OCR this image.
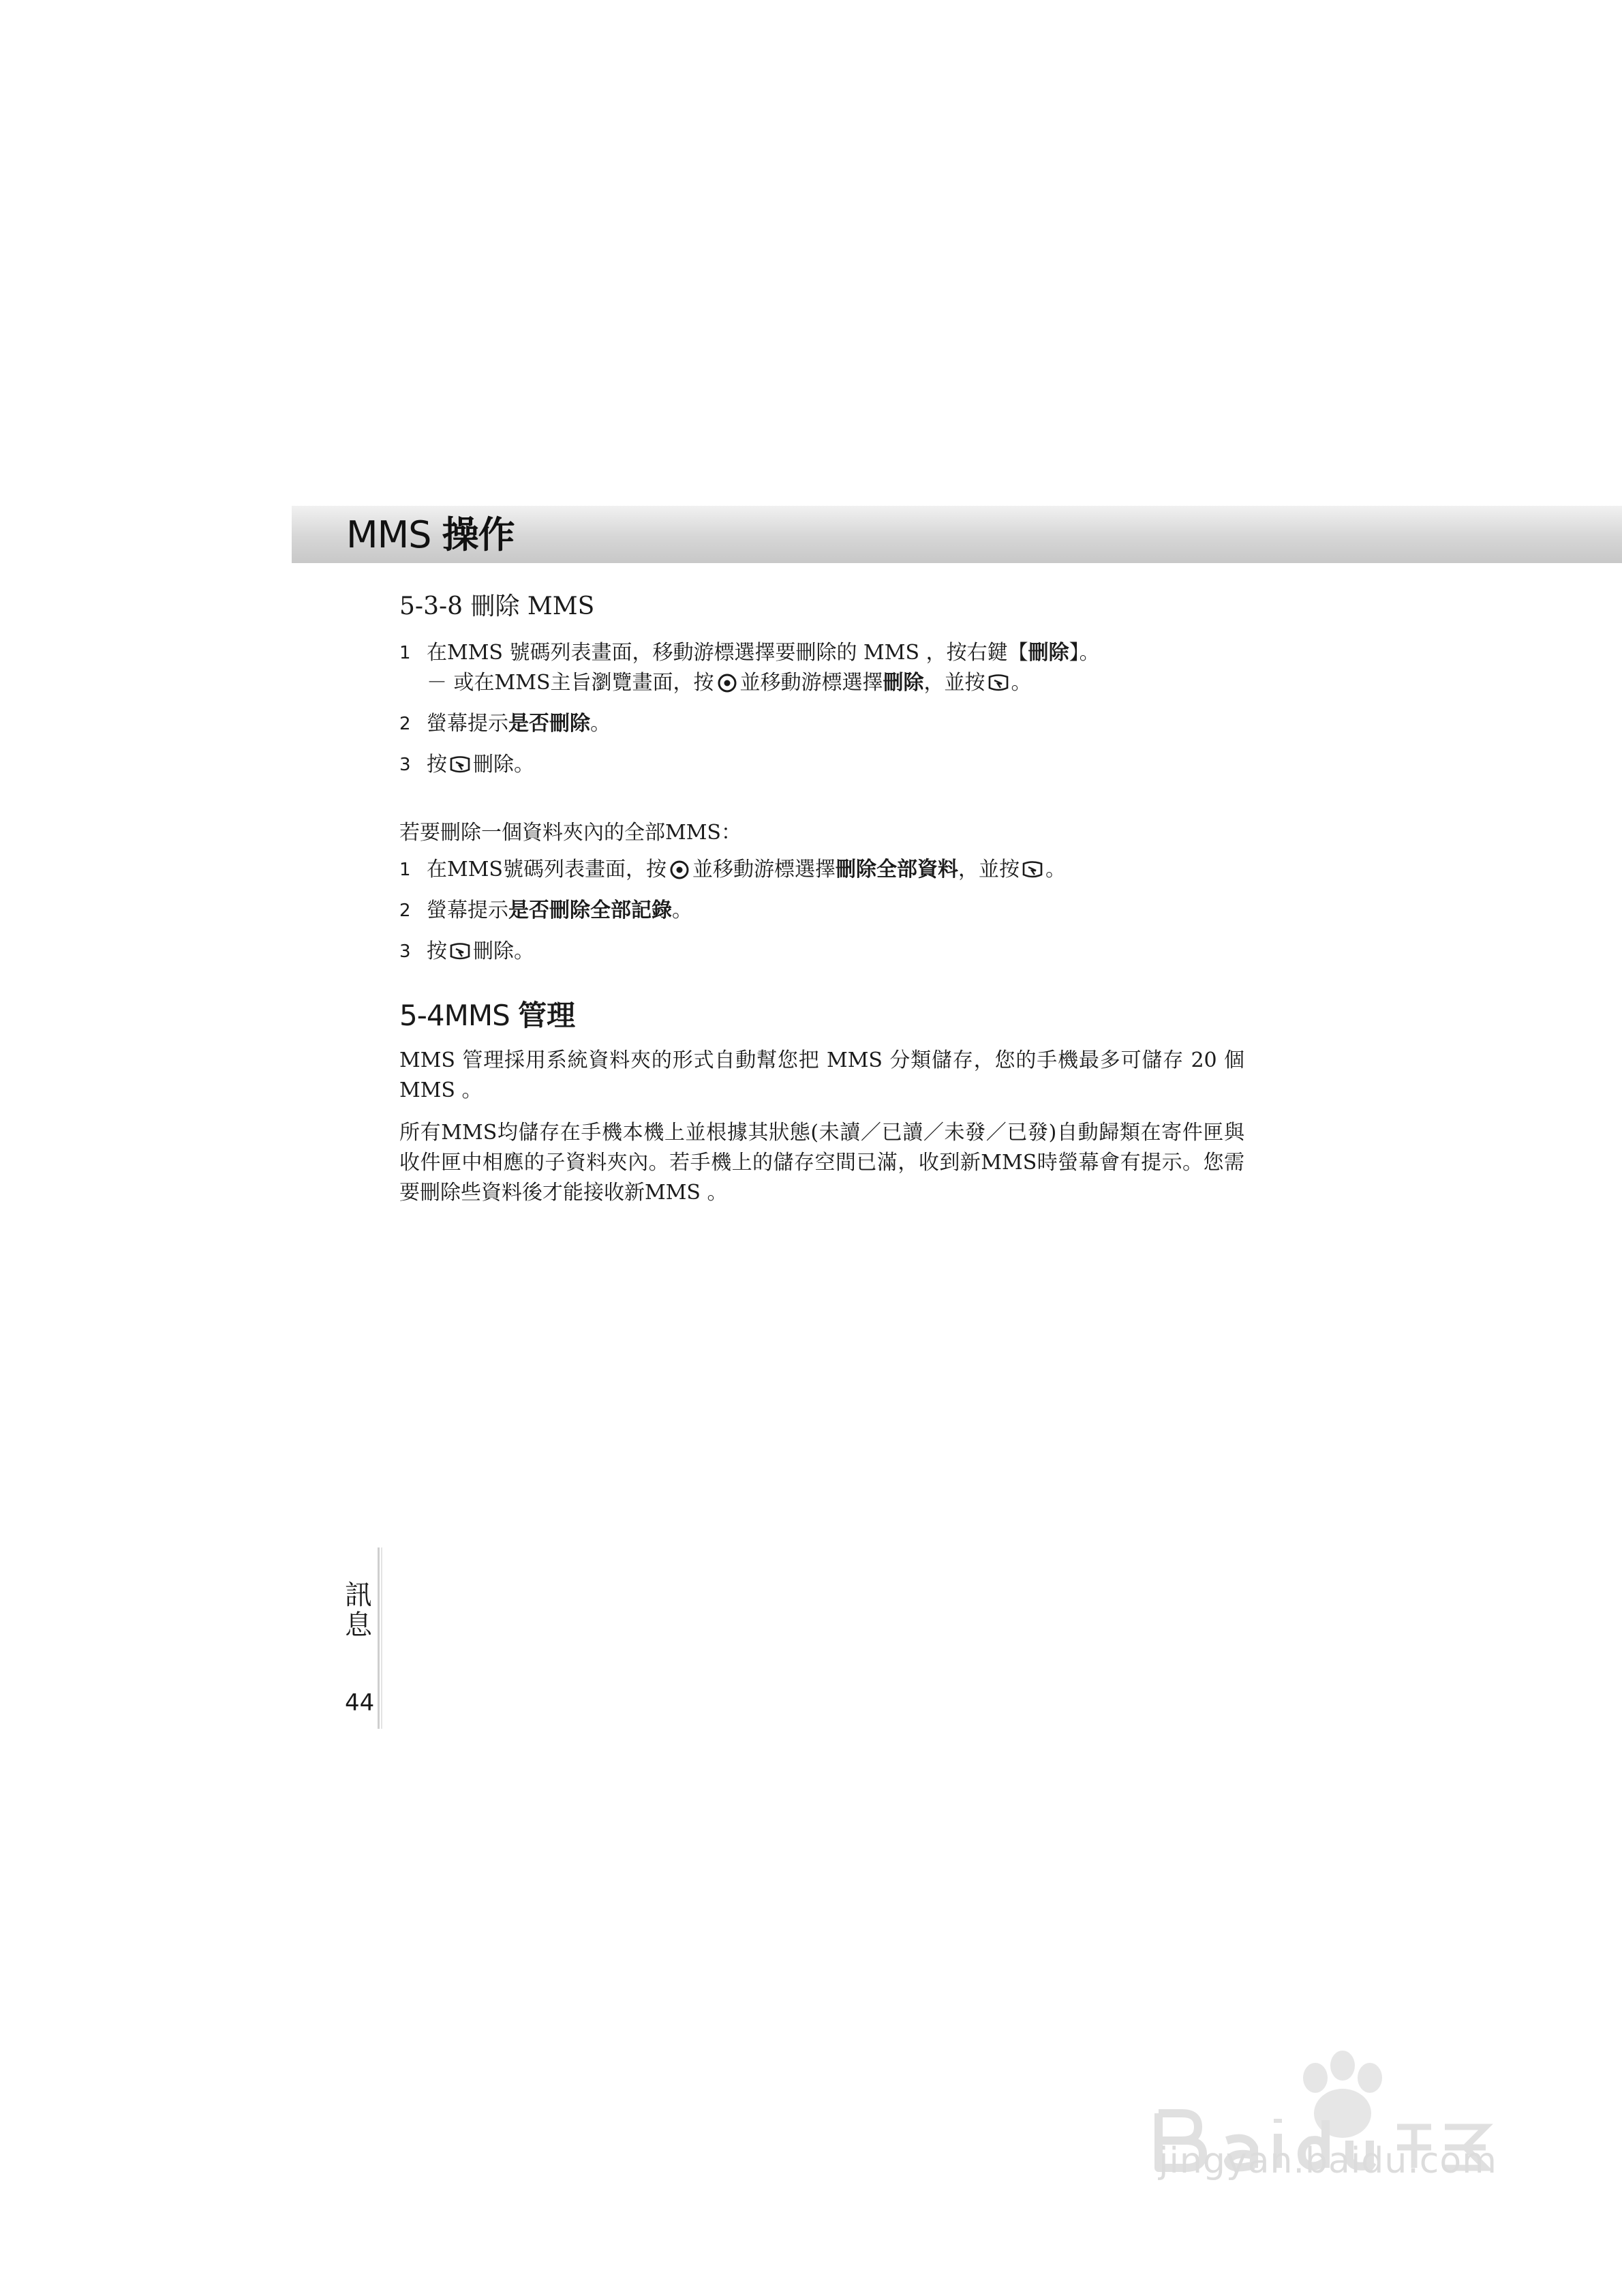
MMS 操作
5-3-8 刪除 MMS
1 在MMS 號碼列表畫面，移動游標選擇要刪除的 MMS ，按右鍵【刪除】。
－ 或在MMS主旨瀏覽畫面，按 並移動游標選擇刪除，並按 。
2 螢幕提示是否刪除。
3 按 刪除。
若要刪除一個資料夾內的全部MMS：
1 在MMS號碼列表畫面，按 並移動游標選擇刪除全部資料，並按 。
2 螢幕提示是否刪除全部記錄。
3 按 刪除。
5-4MMS 管理

MMS 管理採用系統資料夾的形式自動幫您把 MMS 分類儲存，您的手機最多可儲存 20 個 MMS 。

所有MMS均儲存在手機本機上並根據其狀態(未讀／已讀／未發／已發)自動歸類在寄件匣與收件匣中相應的子資料夾內。若手機上的儲存空間已滿，收到新MMS時螢幕會有提示。您需要刪除些資料後才能接收新MMS 。

訊
息
44
jingyan.baidu.com
